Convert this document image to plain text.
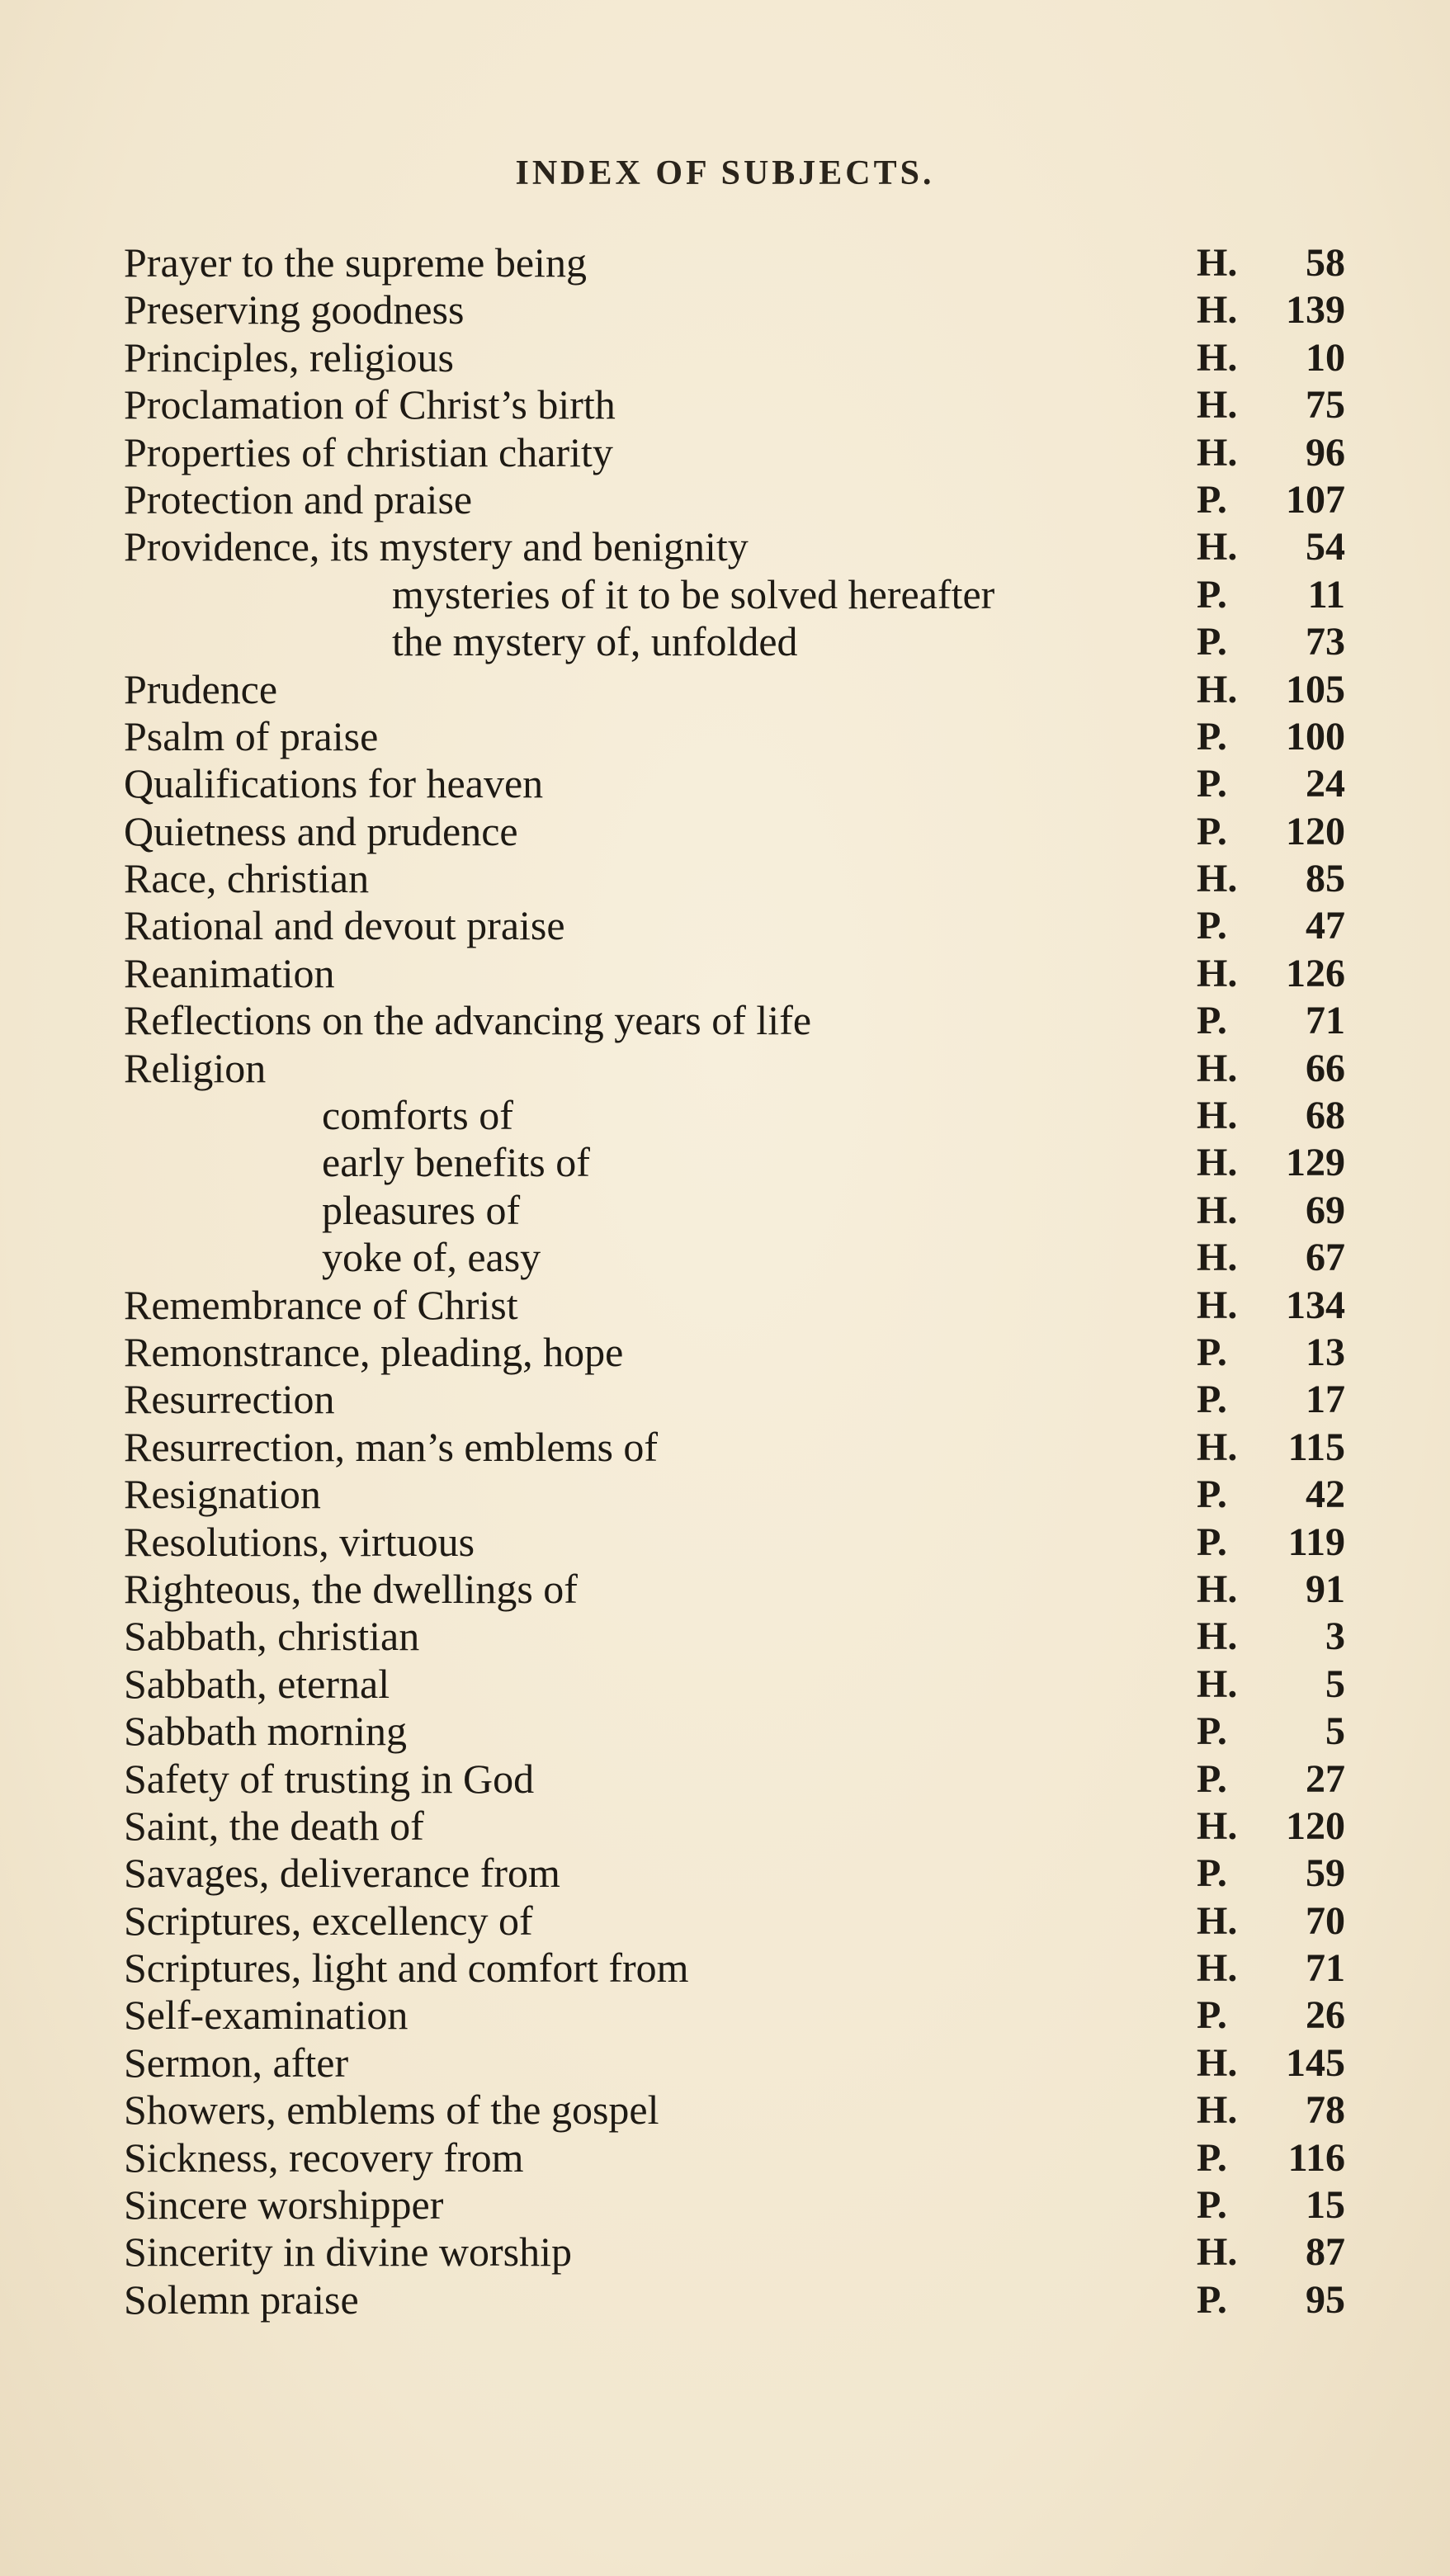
INDEX OF SUBJECTS.
Prayer to the supreme being	H. 58
Preserving goodness	H. 139
Principles, religious	H. 10
Proclamation of Christ’s birth	H. 75
Properties of christian charity	H. 96
Protection and praise	P. 107
Providence, its mystery and benignity	H. 54
mysteries of it to be solved hereafter	P. 11
the mystery of, unfolded	P. 73
Prudence	H. 105
Psalm of praise	P. 100
Qualifications for heaven	P. 24
Quietness and prudence	P. 120
Race, christian	H. 85
Rational and devout praise	P. 47
Reanimation	H. 126
Reflections on the advancing years of life	P. 71
Religion	H. 66
comforts of	H. 68
early benefits of	H. 129
pleasures of	H. 69
yoke of, easy	H. 67
Remembrance of Christ	H. 134
Remonstrance, pleading, hope	P. 13
Resurrection	P. 17
Resurrection, man’s emblems of	H. 115
Resignation	P. 42
Resolutions, virtuous	P. 119
Righteous, the dwellings of	H. 91
Sabbath, christian	H. 3
Sabbath, eternal	H. 5
Sabbath morning	P. 5
Safety of trusting in God	P. 27
Saint, the death of	H. 120
Savages, deliverance from	P. 59
Scriptures, excellency of	H. 70
Scriptures, light and comfort from	H. 71
Self-examination	P. 26
Sermon, after	H. 145
Showers, emblems of the gospel	H. 78
Sickness, recovery from	P. 116
Sincere worshipper	P. 15
Sincerity in divine worship	H. 87
Solemn praise	P. 95
